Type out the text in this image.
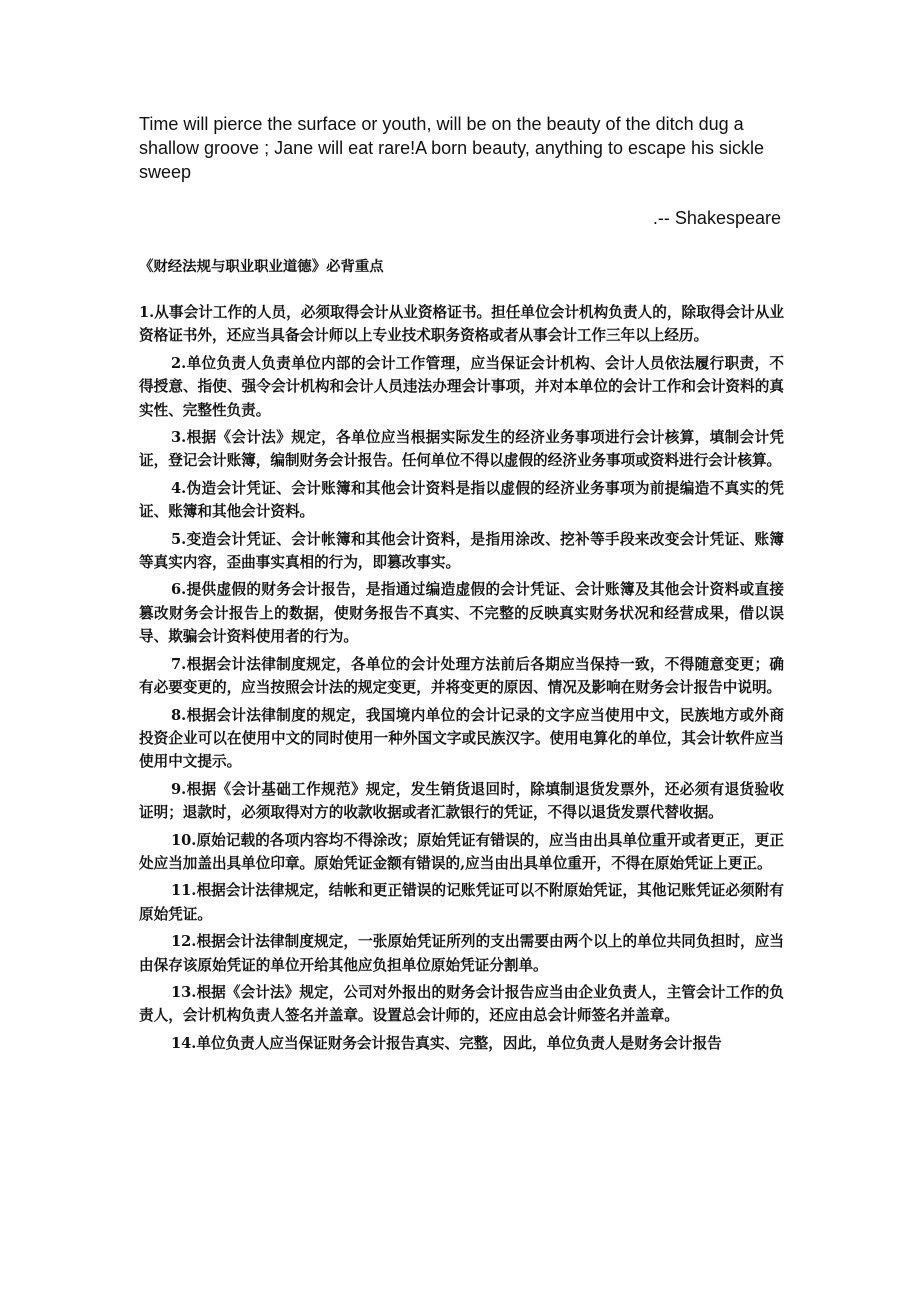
Time will pierce the surface or youth, will be on the beauty of the ditch dug a shallow groove ; Jane will eat rare!A born beauty, anything to escape his sickle sweep
.-- Shakespeare
《财经法规与职业职业道德》必背重点

1.从事会计工作的人员，必须取得会计从业资格证书。担任单位会计机构负责人的，除取得会计从业资格证书外，还应当具备会计师以上专业技术职务资格或者从事会计工作三年以上经历。

2.单位负责人负责单位内部的会计工作管理，应当保证会计机构、会计人员依法履行职责，不得授意、指使、强令会计机构和会计人员违法办理会计事项，并对本单位的会计工作和会计资料的真实性、完整性负责。

3.根据《会计法》规定，各单位应当根据实际发生的经济业务事项进行会计核算，填制会计凭证，登记会计账簿，编制财务会计报告。任何单位不得以虚假的经济业务事项或资料进行会计核算。

4.伪造会计凭证、会计账簿和其他会计资料是指以虚假的经济业务事项为前提编造不真实的凭证、账簿和其他会计资料。

5.变造会计凭证、会计帐簿和其他会计资料，是指用涂改、挖补等手段来改变会计凭证、账簿等真实内容，歪曲事实真相的行为，即篡改事实。

6.提供虚假的财务会计报告，是指通过编造虚假的会计凭证、会计账簿及其他会计资料或直接篡改财务会计报告上的数据，使财务报告不真实、不完整的反映真实财务状况和经营成果，借以误导、欺骗会计资料使用者的行为。

7.根据会计法律制度规定，各单位的会计处理方法前后各期应当保持一致，不得随意变更；确有必要变更的，应当按照会计法的规定变更，并将变更的原因、情况及影响在财务会计报告中说明。

8.根据会计法律制度的规定，我国境内单位的会计记录的文字应当使用中文，民族地方或外商投资企业可以在使用中文的同时使用一种外国文字或民族汉字。使用电算化的单位，其会计软件应当使用中文提示。

9.根据《会计基础工作规范》规定，发生销货退回时，除填制退货发票外，还必须有退货验收证明；退款时，必须取得对方的收款收据或者汇款银行的凭证，不得以退货发票代替收据。

10.原始记载的各项内容均不得涂改；原始凭证有错误的，应当由出具单位重开或者更正，更正处应当加盖出具单位印章。原始凭证金额有错误的,应当由出具单位重开，不得在原始凭证上更正。

11.根据会计法律规定，结帐和更正错误的记账凭证可以不附原始凭证，其他记账凭证必须附有原始凭证。

12.根据会计法律制度规定，一张原始凭证所列的支出需要由两个以上的单位共同负担时，应当由保存该原始凭证的单位开给其他应负担单位原始凭证分割单。

13.根据《会计法》规定，公司对外报出的财务会计报告应当由企业负责人，主管会计工作的负责人，会计机构负责人签名并盖章。设置总会计师的，还应由总会计师签名并盖章。

14.单位负责人应当保证财务会计报告真实、完整，因此，单位负责人是财务会计报告
